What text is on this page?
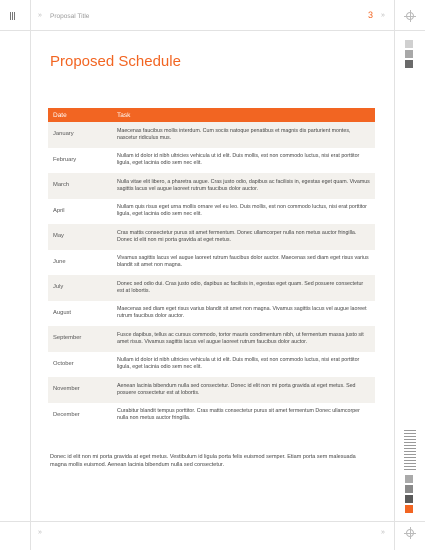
» Proposal Title	3 »
Proposed Schedule
Date	Task
January	Maecenas faucibus mollis interdum. Cum sociis natoque penatibus et magnis dis parturient montes, nascetur ridiculus mus.
February	Nullam id dolor id nibh ultricies vehicula ut id elit. Duis mollis, est non commodo luctus, nisi erat porttitor ligula, eget lacinia odio sem nec elit.
March	Nulla vitae elit libero, a pharetra augue. Cras justo odio, dapibus ac facilisis in, egestas eget quam. Vivamus sagittis lacus vel augue laoreet rutrum faucibus dolor auctor.
April	Nullam quis risus eget urna mollis ornare vel eu leo. Duis mollis, est non commodo luctus, nisi erat porttitor ligula, eget lacinia odio sem nec elit.
May	Cras mattis consectetur purus sit amet fermentum. Donec ullamcorper nulla non metus auctor fringilla. Donec id elit non mi porta gravida at eget metus.
June	Vivamus sagittis lacus vel augue laoreet rutrum faucibus dolor auctor. Maecenas sed diam eget risus varius blandit sit amet non magna.
July	Donec sed odio dui. Cras justo odio, dapibus ac facilisis in, egestas eget quam. Sed posuere consectetur est at lobortis.
August	Maecenas sed diam eget risus varius blandit sit amet non magna. Vivamus sagittis lacus vel augue laoreet rutrum faucibus dolor auctor.
September	Fusce dapibus, tellus ac cursus commodo, tortor mauris condimentum nibh, ut fermentum massa justo sit amet risus. Vivamus sagittis lacus vel augue laoreet rutrum faucibus dolor auctor.
October	Nullam id dolor id nibh ultricies vehicula ut id elit. Duis mollis, est non commodo luctus, nisi erat porttitor ligula, eget lacinia odio sem nec elit.
November	Aenean lacinia bibendum nulla sed consectetur. Donec id elit non mi porta gravida at eget metus. Sed posuere consectetur est at lobortis.
December	Curabitur blandit tempus porttitor. Cras mattis consectetur purus sit amet fermentum Donec ullamcorper nulla non metus auctor fringilla.

Donec id elit non mi porta gravida at eget metus. Vestibulum id ligula porta felis euismod semper. Etiam porta sem malesuada magna mollis euismod. Aenean lacinia bibendum nulla sed consectetur.

»	»
